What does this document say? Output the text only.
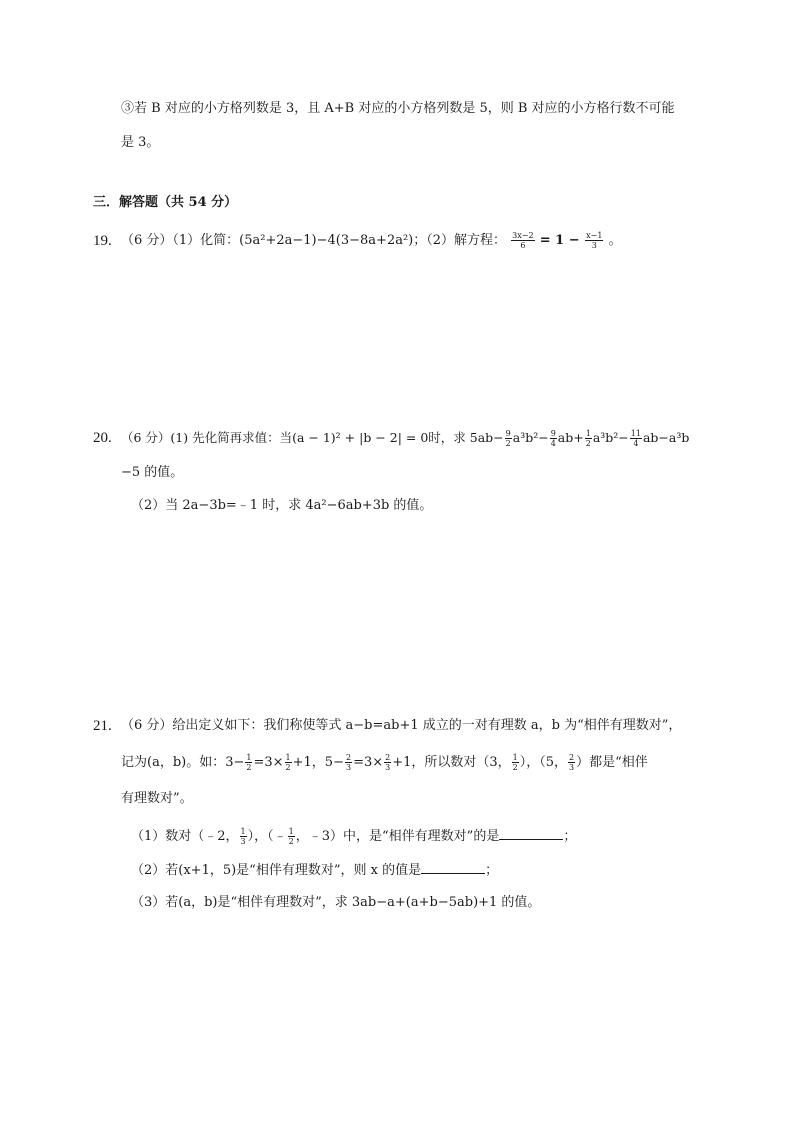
③若 B 对应的小方格列数是 3，且 A+B 对应的小方格列数是 5，则 B 对应的小方格行数不可能
是 3。
三．解答题（共 54 分）
19. （6 分）（1）化简：(5a²+2a−1)−4(3−8a+2a²)；（2）解方程： $\frac{3x-2}{6} = 1 - \frac{x-1}{3}$ 。
20. （6 分）(1) 先化简再求值：当(a − 1)² + |b − 2| = 0时，求 $5ab- \frac{9}{2} a^3b^2- \frac{9}{4} ab+ \frac{1}{2} a^3b^2- \frac{11}{4} ab-a^3b$
−5 的值。
（2）当 2a−3b=﹣1 时，求 4a²−6ab+3b 的值。
21. （6 分）给出定义如下：我们称使等式 a−b=ab+1 成立的一对有理数 a，b 为“相伴有理数对”，
记为(a，b)。如：$3- \frac{1}{2} =3\times \frac{1}{2} +1$，$5- \frac{2}{3} =3\times \frac{2}{3} +1$，所以数对（3， $\frac{1}{2}$ ），（5， $\frac{2}{3}$ ）都是“相伴
有理数对”。
（1）数对（﹣2， $\frac{1}{3}$ ），（﹣ $\frac{1}{2}$ ，﹣3）中，是“相伴有理数对”的是	；
（2）若(x+1，5)是“相伴有理数对”，则 x 的值是	；
（3）若(a，b)是“相伴有理数对”，求 3ab−a+(a+b−5ab)+1 的值。
